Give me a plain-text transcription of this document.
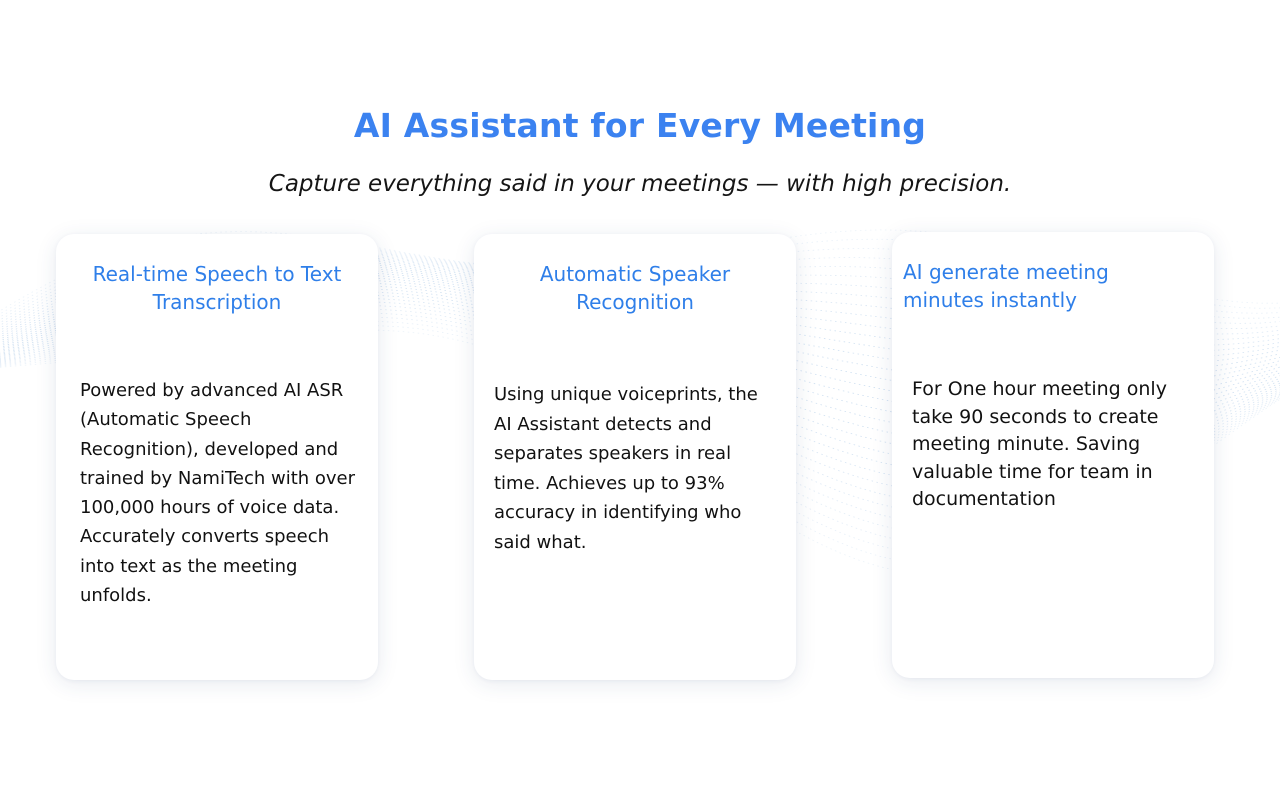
AI Assistant for Every Meeting

Capture everything said in your meetings — with high precision.

Real-time Speech to Text Transcription

Powered by advanced AI ASR (Automatic Speech Recognition), developed and trained by NamiTech with over 100,000 hours of voice data. Accurately converts speech into text as the meeting unfolds.

Automatic Speaker Recognition

Using unique voiceprints, the AI Assistant detects and separates speakers in real time. Achieves up to 93% accuracy in identifying who said what.

AI generate meeting minutes instantly

For One hour meeting only take 90 seconds to create meeting minute. Saving valuable time for team in documentation
